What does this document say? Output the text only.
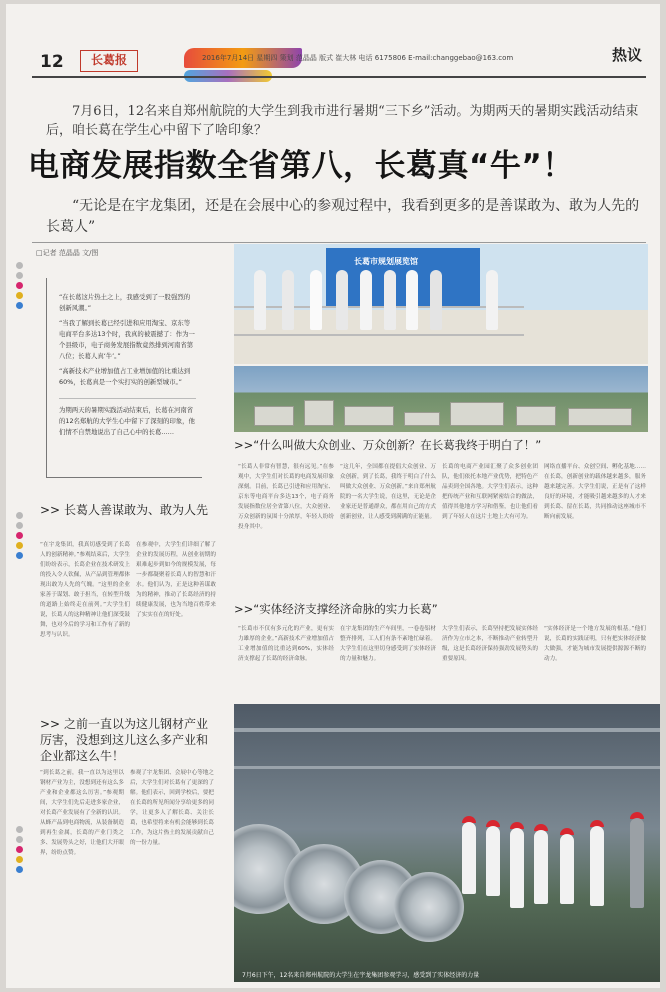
12	长葛报	2016年7月14日 星期四 策划 范晶晶 版式 崔大林 电话 6175806 E-mail:changgebao@163.com	热议
7月6日，12名来自郑州航院的大学生到我市进行暑期“三下乡”活动。为期两天的暑期实践活动结束后，咱长葛在学生心中留下了啥印象？
电商发展指数全省第八，长葛真“牛”！
“无论是在宇龙集团，还是在会展中心的参观过程中，我看到更多的是善谋敢为、敢为人先的长葛人”
□记者 范晶晶 文/图

“在长葛这片热土之上，我感受到了一股强烈的创新风潮。”

“当我了解到长葛已经引进和应用淘宝、京东等电商平台多达13个时，我真的被震撼了：作为一个县级市，电子商务发展指数竟然排到河南省第八位；长葛人真‘牛’。”

“高新技术产业增加值占工业增加值的比重达到60%，长葛真是一个实打实的创新型城市。”

为期两天的暑期实践活动结束后，长葛在河南省的12名郑航的大学生心中留下了深刻的印象，他们情不自禁地说出了自己心中的长葛……

>> 长葛人善谋敢为、敢为人先
“在宇龙集团，我真切感受到了长葛人的创新精神。”参观结束后，大学生们纷纷表示，长葛企业在技术研发上的投入令人钦佩，从产品到管理都体现出敢为人先的气魄。“这里的企业家善于谋划、敢于担当，在转型升级的道路上始终走在前列。”大学生们说，长葛人的这种精神让他们深受鼓舞，也对今后的学习和工作有了新的思考与认识。
在参观中，大学生们详细了解了企业的发展历程，从创业初期的艰难起步到如今的规模发展，每一步都凝聚着长葛人的智慧和汗水。他们认为，正是这种善谋敢为的精神，推动了长葛经济的持续健康发展，也为当地百姓带来了实实在在的好处。
>> 之前一直以为这儿钢材产业厉害，没想到这儿这么多产业和企业都这么牛！
“到长葛之前，我一直以为这里以钢材产业为主，没想到还有这么多产业和企业都这么厉害。”参观期间，大学生们先后走进多家企业，对长葛产业发展有了全新的认识。从蜂产品到电商物流，从装备制造到再生金属，长葛的产业门类之多、发展势头之好，让他们大开眼界，纷纷点赞。
参观了宇龙集团、会展中心等地之后，大学生们对长葛有了更深的了解。他们表示，回到学校后，要把在长葛的所见所闻分享给更多的同学，让更多人了解长葛、关注长葛，也希望将来有机会能够到长葛工作，为这片热土的发展贡献自己的一份力量。
长葛市规划展览馆
>>“什么叫做大众创业、万众创新？在长葛我终于明白了！”
“长葛人非常有智慧，很有远见。”在参观中，大学生们对长葛的电商发展印象深刻。目前，长葛已引进和应用淘宝、京东等电商平台多达13个，电子商务发展指数位居全省第八位，大众创业、万众创新的氛围十分浓厚，年轻人纷纷投身其中。
“这几年，全国都在提倡大众创业、万众创新，到了长葛，我终于明白了什么叫做大众创业、万众创新。”来自郑州航院的一名大学生说，在这里，无论是企业家还是普通群众，都在用自己的方式创新创业，让人感受到满满的正能量。
长葛的电商产业园汇聚了众多创业团队，他们依托本地产业优势，把特色产品卖到全国各地。大学生们表示，这种把传统产业和互联网紧密结合的做法，值得其他地方学习和借鉴，也让他们看到了年轻人在这片土地上大有可为。
网络直播平台、众创空间、孵化基地……在长葛，创新创业的载体越来越多，服务越来越完善。大学生们说，正是有了这样良好的环境，才能吸引越来越多的人才来到长葛、留在长葛，共同推动这座城市不断向前发展。
>>“实体经济支撑经济命脉的实力长葛”
“长葛市不仅有多元化的产业，更有实力雄厚的企业。”高新技术产业增加值占工业增加值的比重达到60%，实体经济支撑起了长葛的经济命脉。
在宇龙集团的生产车间里，一卷卷铝材整齐排列，工人们有条不紊地忙碌着。大学生们在这里切身感受到了实体经济的力量和魅力。
大学生们表示，长葛坚持把发展实体经济作为立市之本，不断推动产业转型升级，这是长葛经济保持强劲发展势头的重要原因。
“实体经济是一个地方发展的根基。”他们说，长葛的实践证明，只有把实体经济做大做强，才能为城市发展提供源源不断的动力。
7月6日下午，12名来自郑州航院的大学生在宇龙集团参观学习，感受到了实体经济的力量
